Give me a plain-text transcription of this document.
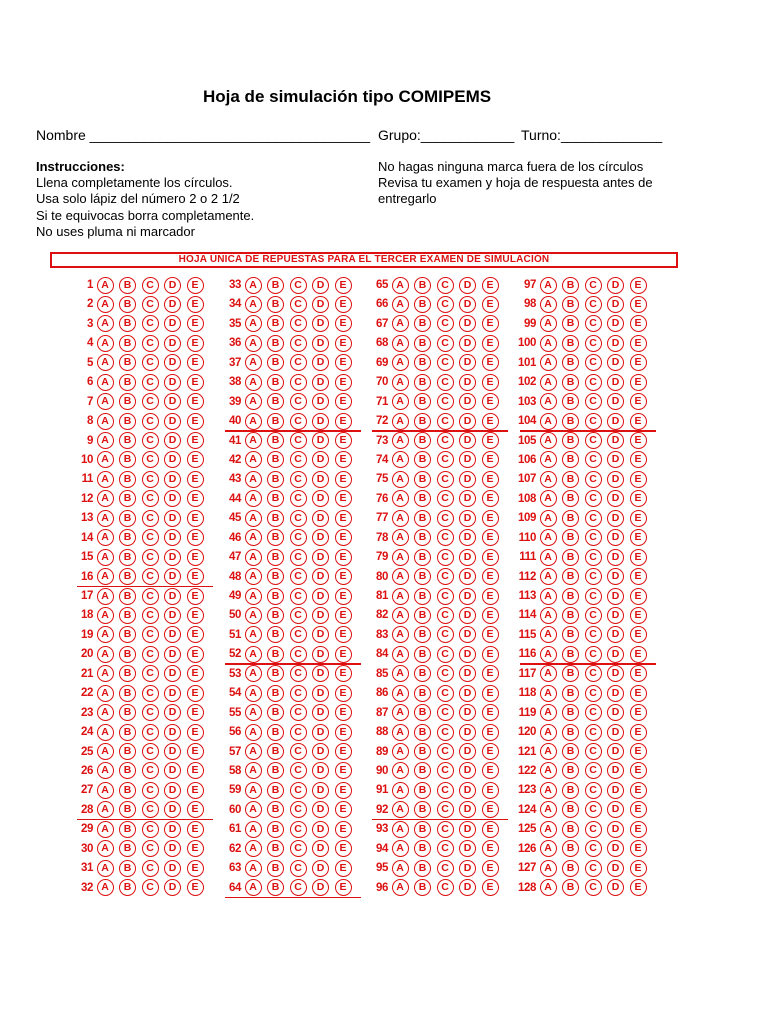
Hoja de simulación tipo COMIPEMS
Nombre ____________________________________ Grupo:____________ Turno:_____________
Instrucciones:
Llena completamente los círculos.
Usa solo lápiz del número 2 o 2 1/2
Si te equivocas borra completamente.
No uses pluma ni marcador
No hagas ninguna marca fuera de los círculos
Revisa tu examen y hoja de respuesta antes de
entregarlo
HOJA ÚNICA DE REPUESTAS PARA EL TERCER EXAMEN DE SIMULACIÓN
1 A	B	C	D	E
2 A	B	C	D	E
3 A	B	C	D	E
4 A	B	C	D	E
5 A	B	C	D	E
6 A	B	C	D	E
7 A	B	C	D	E
8 A	B	C	D	E
9 A	B	C	D	E
10 A	B	C	D	E
11 A	B	C	D	E
12 A	B	C	D	E
13 A	B	C	D	E
14 A	B	C	D	E
15 A	B	C	D	E
16 A	B	C	D	E
17 A	B	C	D	E
18 A	B	C	D	E
19 A	B	C	D	E
20 A	B	C	D	E
21 A	B	C	D	E
22 A	B	C	D	E
23 A	B	C	D	E
24 A	B	C	D	E
25 A	B	C	D	E
26 A	B	C	D	E
27 A	B	C	D	E
28 A	B	C	D	E
29 A	B	C	D	E
30 A	B	C	D	E
31 A	B	C	D	E
32 A	B	C	D	E
33 A	B	C	D	E
34 A	B	C	D	E
35 A	B	C	D	E
36 A	B	C	D	E
37 A	B	C	D	E
38 A	B	C	D	E
39 A	B	C	D	E
40 A	B	C	D	E
41 A	B	C	D	E
42 A	B	C	D	E
43 A	B	C	D	E
44 A	B	C	D	E
45 A	B	C	D	E
46 A	B	C	D	E
47 A	B	C	D	E
48 A	B	C	D	E
49 A	B	C	D	E
50 A	B	C	D	E
51 A	B	C	D	E
52 A	B	C	D	E
53 A	B	C	D	E
54 A	B	C	D	E
55 A	B	C	D	E
56 A	B	C	D	E
57 A	B	C	D	E
58 A	B	C	D	E
59 A	B	C	D	E
60 A	B	C	D	E
61 A	B	C	D	E
62 A	B	C	D	E
63 A	B	C	D	E
64 A	B	C	D	E
65 A	B	C	D	E
66 A	B	C	D	E
67 A	B	C	D	E
68 A	B	C	D	E
69 A	B	C	D	E
70 A	B	C	D	E
71 A	B	C	D	E
72 A	B	C	D	E
73 A	B	C	D	E
74 A	B	C	D	E
75 A	B	C	D	E
76 A	B	C	D	E
77 A	B	C	D	E
78 A	B	C	D	E
79 A	B	C	D	E
80 A	B	C	D	E
81 A	B	C	D	E
82 A	B	C	D	E
83 A	B	C	D	E
84 A	B	C	D	E
85 A	B	C	D	E
86 A	B	C	D	E
87 A	B	C	D	E
88 A	B	C	D	E
89 A	B	C	D	E
90 A	B	C	D	E
91 A	B	C	D	E
92 A	B	C	D	E
93 A	B	C	D	E
94 A	B	C	D	E
95 A	B	C	D	E
96 A	B	C	D	E
97 A	B	C	D	E
98 A	B	C	D	E
99 A	B	C	D	E
100 A	B	C	D	E
101 A	B	C	D	E
102 A	B	C	D	E
103 A	B	C	D	E
104 A	B	C	D	E
105 A	B	C	D	E
106 A	B	C	D	E
107 A	B	C	D	E
108 A	B	C	D	E
109 A	B	C	D	E
110 A	B	C	D	E
111 A	B	C	D	E
112 A	B	C	D	E
113 A	B	C	D	E
114 A	B	C	D	E
115 A	B	C	D	E
116 A	B	C	D	E
117 A	B	C	D	E
118 A	B	C	D	E
119 A	B	C	D	E
120 A	B	C	D	E
121 A	B	C	D	E
122 A	B	C	D	E
123 A	B	C	D	E
124 A	B	C	D	E
125 A	B	C	D	E
126 A	B	C	D	E
127 A	B	C	D	E
128 A	B	C	D	E
